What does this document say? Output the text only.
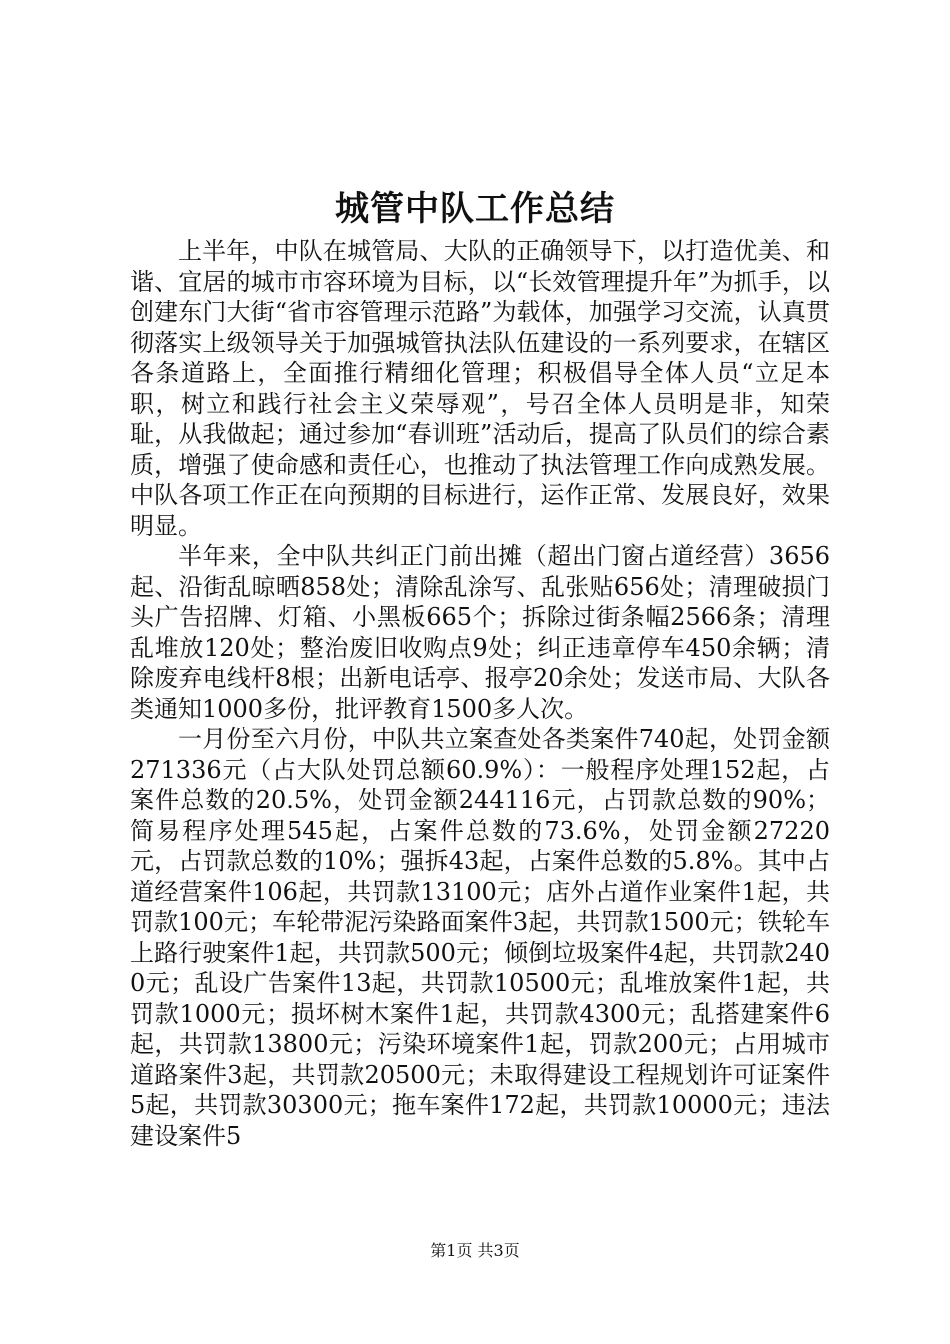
城管中队工作总结

上半年，中队在城管局、大队的正确领导下，以打造优美、和谐、宜居的城市市容环境为目标，以“长效管理提升年”为抓手，以创建东门大街“省市容管理示范路”为载体，加强学习交流，认真贯彻落实上级领导关于加强城管执法队伍建设的一系列要求，在辖区各条道路上，全面推行精细化管理；积极倡导全体人员“立足本职，树立和践行社会主义荣辱观”，号召全体人员明是非，知荣耻，从我做起；通过参加“春训班”活动后，提高了队员们的综合素质，增强了使命感和责任心，也推动了执法管理工作向成熟发展。中队各项工作正在向预期的目标进行，运作正常、发展良好，效果明显。

半年来，全中队共纠正门前出摊（超出门窗占道经营）3656起、沿街乱晾晒858处；清除乱涂写、乱张贴656处；清理破损门头广告招牌、灯箱、小黑板665个；拆除过街条幅2566条；清理乱堆放120处；整治废旧收购点9处；纠正违章停车450余辆；清除废弃电线杆8根；出新电话亭、报亭20余处；发送市局、大队各类通知1000多份，批评教育1500多人次。

一月份至六月份，中队共立案查处各类案件740起，处罚金额271336元（占大队处罚总额60.9%）：一般程序处理152起，占案件总数的20.5%，处罚金额244116元，占罚款总数的90%；简易程序处理545起，占案件总数的73.6%，处罚金额27220元，占罚款总数的10%；强拆43起，占案件总数的5.8%。其中占道经营案件106起，共罚款13100元；店外占道作业案件1起，共罚款100元；车轮带泥污染路面案件3起，共罚款1500元；铁轮车上路行驶案件1起，共罚款500元；倾倒垃圾案件4起，共罚款2400元；乱设广告案件13起，共罚款10500元；乱堆放案件1起，共罚款1000元；损坏树木案件1起，共罚款4300元；乱搭建案件6起，共罚款13800元；污染环境案件1起，罚款200元；占用城市道路案件3起，共罚款20500元；未取得建设工程规划许可证案件5起，共罚款30300元；拖车案件172起，共罚款10000元；违法建设案件5

第1页 共3页
